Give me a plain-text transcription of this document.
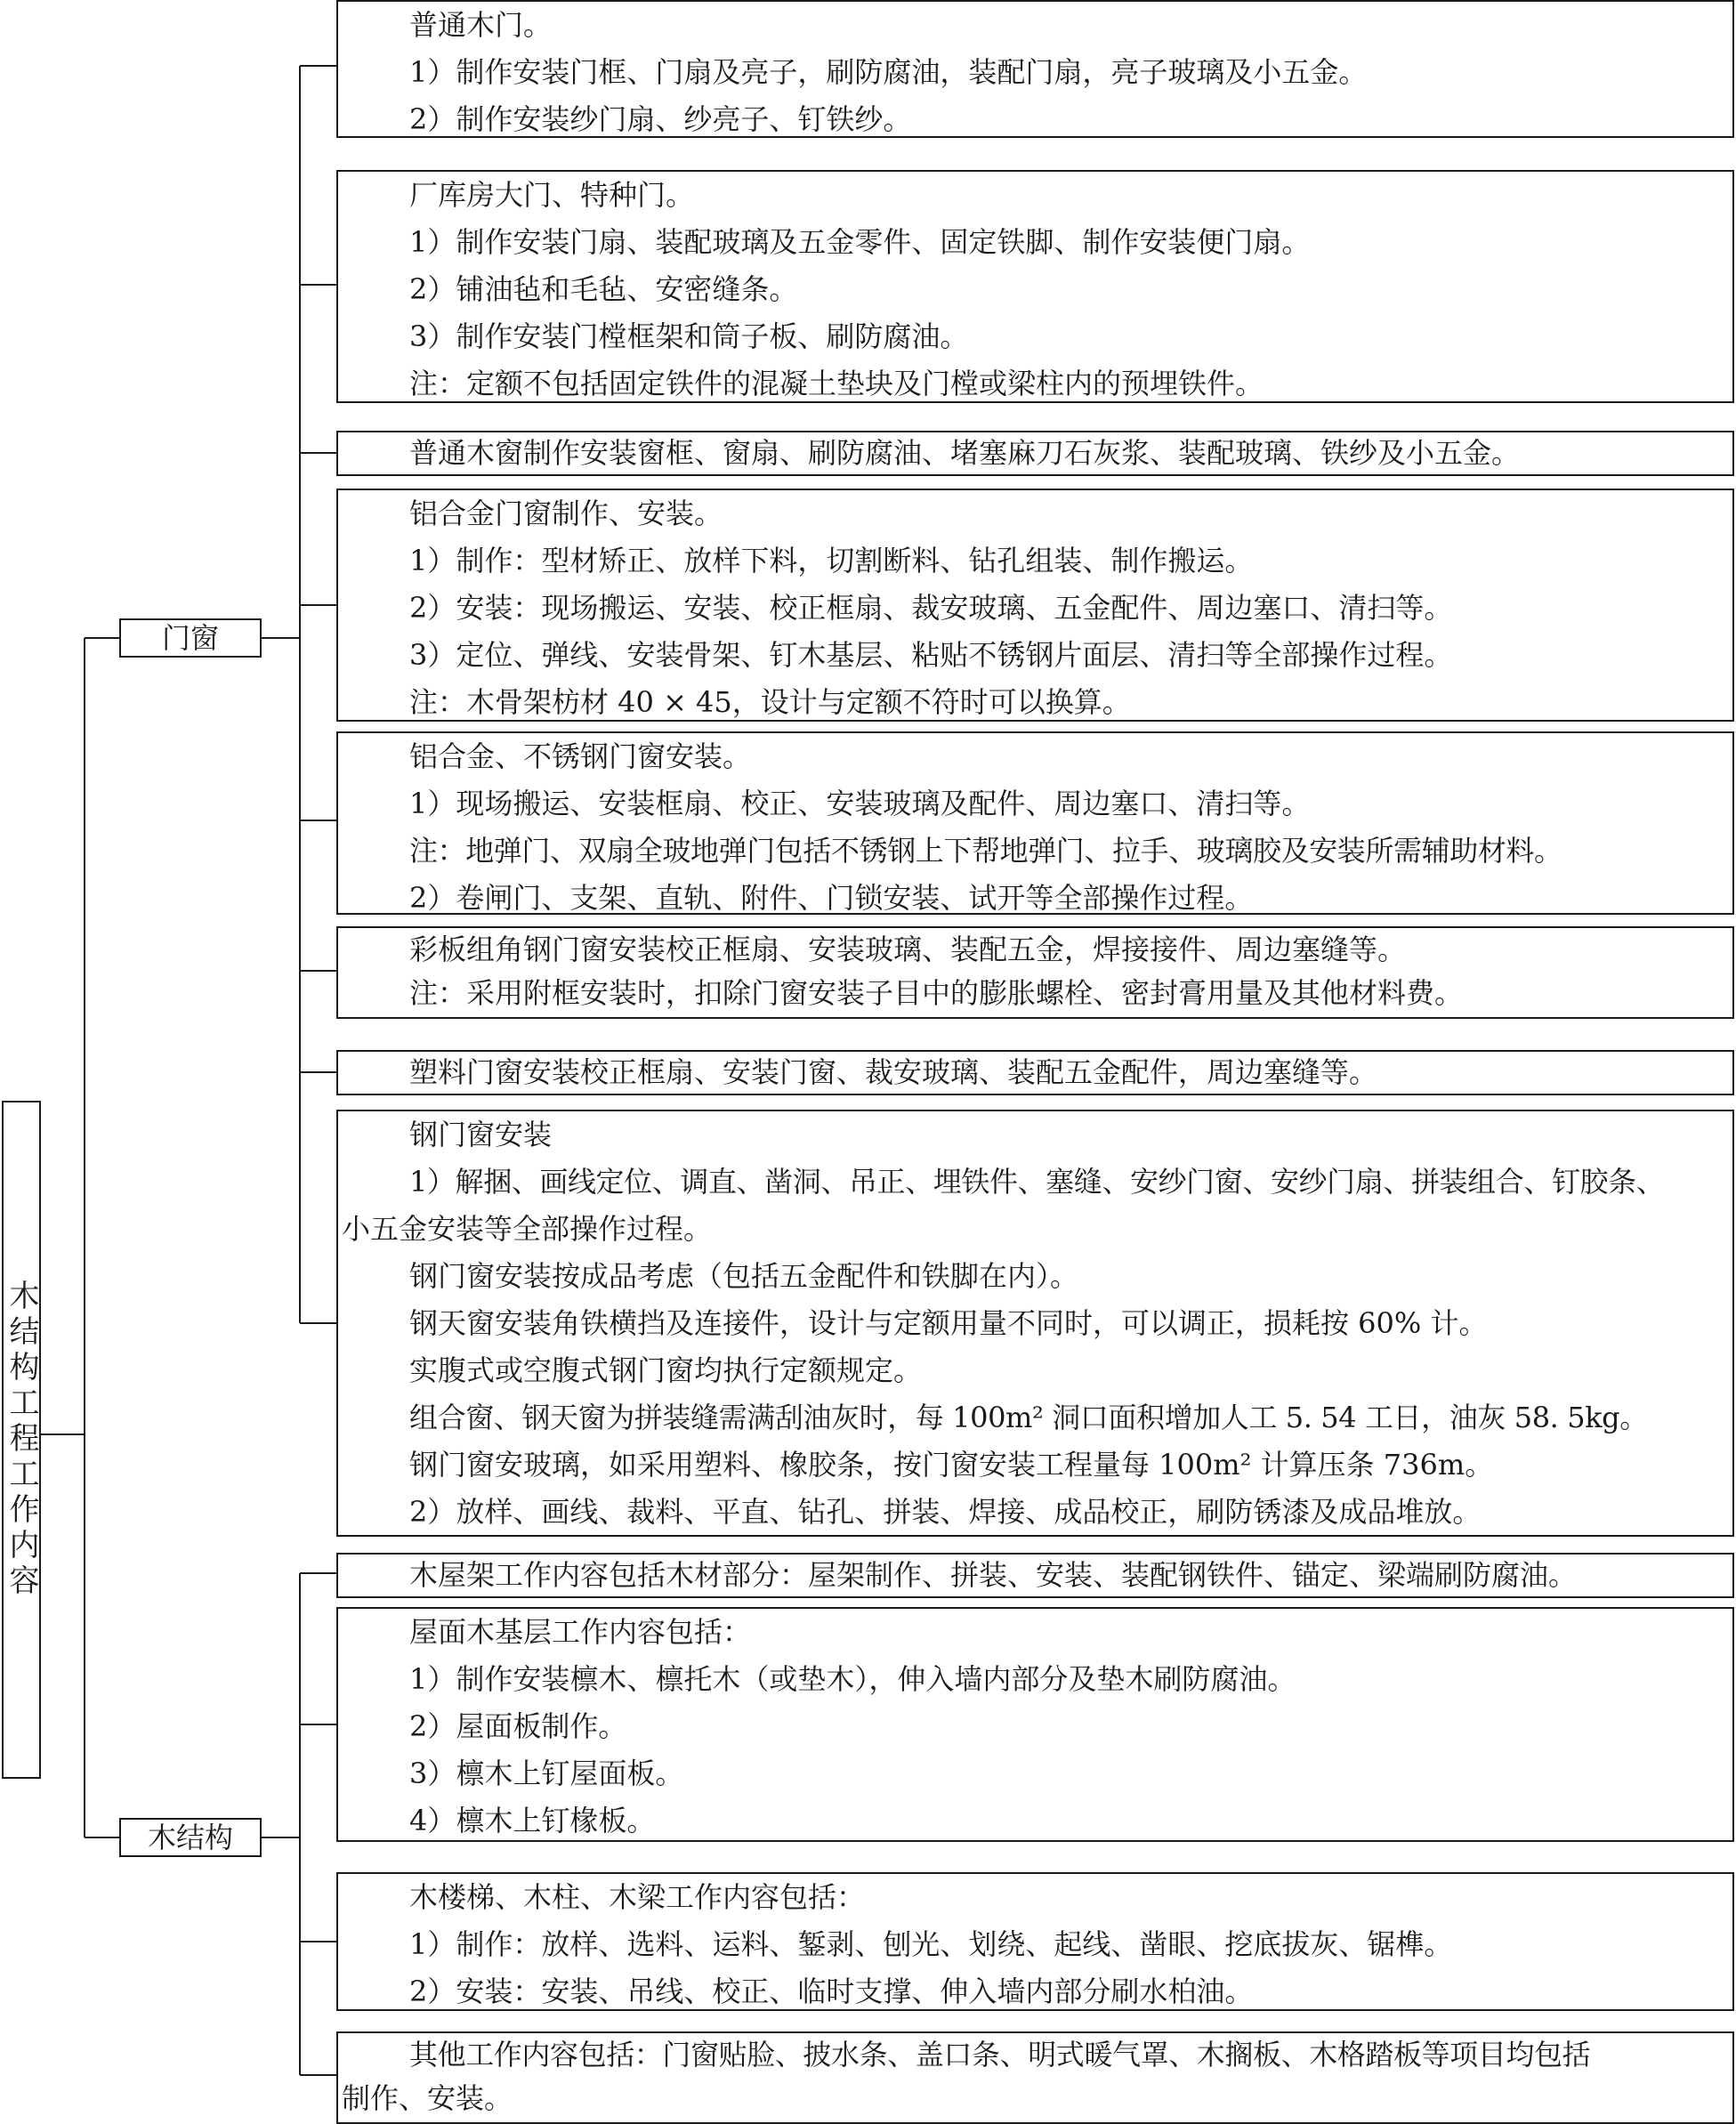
木结构工程工作内容
门窗
木结构
普通木门。
1）制作安装门框、门扇及亮子，刷防腐油，装配门扇，亮子玻璃及小五金。
2）制作安装纱门扇、纱亮子、钉铁纱。
厂库房大门、特种门。
1）制作安装门扇、装配玻璃及五金零件、固定铁脚、制作安装便门扇。
2）铺油毡和毛毡、安密缝条。
3）制作安装门樘框架和筒子板、刷防腐油。
注：定额不包括固定铁件的混凝土垫块及门樘或梁柱内的预埋铁件。
普通木窗制作安装窗框、窗扇、刷防腐油、堵塞麻刀石灰浆、装配玻璃、铁纱及小五金。
铝合金门窗制作、安装。
1）制作：型材矫正、放样下料，切割断料、钻孔组装、制作搬运。
2）安装：现场搬运、安装、校正框扇、裁安玻璃、五金配件、周边塞口、清扫等。
3）定位、弹线、安装骨架、钉木基层、粘贴不锈钢片面层、清扫等全部操作过程。
注：木骨架枋材 40 × 45，设计与定额不符时可以换算。
铝合金、不锈钢门窗安装。
1）现场搬运、安装框扇、校正、安装玻璃及配件、周边塞口、清扫等。
注：地弹门、双扇全玻地弹门包括不锈钢上下帮地弹门、拉手、玻璃胶及安装所需辅助材料。
2）卷闸门、支架、直轨、附件、门锁安装、试开等全部操作过程。
彩板组角钢门窗安装校正框扇、安装玻璃、装配五金，焊接接件、周边塞缝等。
注：采用附框安装时，扣除门窗安装子目中的膨胀螺栓、密封膏用量及其他材料费。
塑料门窗安装校正框扇、安装门窗、裁安玻璃、装配五金配件，周边塞缝等。
钢门窗安装
1）解捆、画线定位、调直、凿洞、吊正、埋铁件、塞缝、安纱门窗、安纱门扇、拼装组合、钉胶条、
小五金安装等全部操作过程。
钢门窗安装按成品考虑（包括五金配件和铁脚在内）。
钢天窗安装角铁横挡及连接件，设计与定额用量不同时，可以调正，损耗按 60% 计。
实腹式或空腹式钢门窗均执行定额规定。
组合窗、钢天窗为拼装缝需满刮油灰时，每 100m² 洞口面积增加人工 5. 54 工日，油灰 58. 5kg。
钢门窗安玻璃，如采用塑料、橡胶条，按门窗安装工程量每 100m² 计算压条 736m。
2）放样、画线、裁料、平直、钻孔、拼装、焊接、成品校正，刷防锈漆及成品堆放。
木屋架工作内容包括木材部分：屋架制作、拼装、安装、装配钢铁件、锚定、梁端刷防腐油。
屋面木基层工作内容包括：
1）制作安装檩木、檩托木（或垫木），伸入墙内部分及垫木刷防腐油。
2）屋面板制作。
3）檩木上钉屋面板。
4）檩木上钉椽板。
木楼梯、木柱、木梁工作内容包括：
1）制作：放样、选料、运料、錾剥、刨光、划绕、起线、凿眼、挖底拔灰、锯榫。
2）安装：安装、吊线、校正、临时支撑、伸入墙内部分刷水柏油。
其他工作内容包括：门窗贴脸、披水条、盖口条、明式暖气罩、木搁板、木格踏板等项目均包括
制作、安装。
